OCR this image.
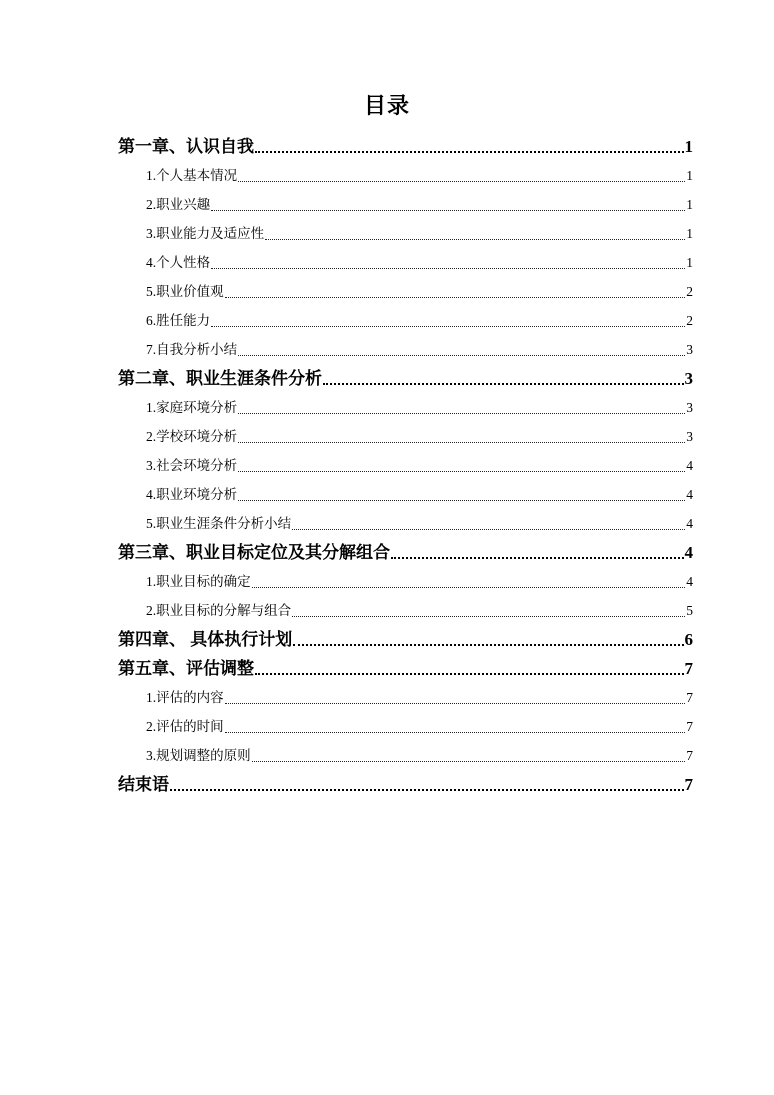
目录
第一章、认识自我	1
1.个人基本情况	1
2.职业兴趣	1
3.职业能力及适应性	1
4.个人性格	1
5.职业价值观	2
6.胜任能力	2
7.自我分析小结	3
第二章、职业生涯条件分析	3
1.家庭环境分析	3
2.学校环境分析	3
3.社会环境分析	4
4.职业环境分析	4
5.职业生涯条件分析小结	4
第三章、职业目标定位及其分解组合	4
1.职业目标的确定	4
2.职业目标的分解与组合	5
第四章、 具体执行计划	6
第五章、评估调整	7
1.评估的内容	7
2.评估的时间	7
3.规划调整的原则	7
结束语	7
